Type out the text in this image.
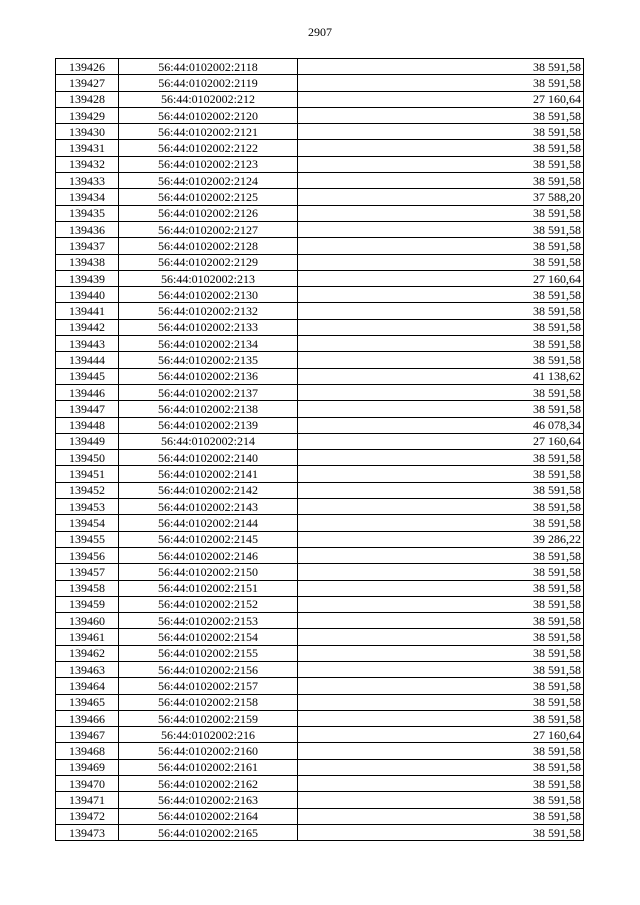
2907
139426	56:44:0102002:2118	38 591,58
139427	56:44:0102002:2119	38 591,58
139428	56:44:0102002:212	27 160,64
139429	56:44:0102002:2120	38 591,58
139430	56:44:0102002:2121	38 591,58
139431	56:44:0102002:2122	38 591,58
139432	56:44:0102002:2123	38 591,58
139433	56:44:0102002:2124	38 591,58
139434	56:44:0102002:2125	37 588,20
139435	56:44:0102002:2126	38 591,58
139436	56:44:0102002:2127	38 591,58
139437	56:44:0102002:2128	38 591,58
139438	56:44:0102002:2129	38 591,58
139439	56:44:0102002:213	27 160,64
139440	56:44:0102002:2130	38 591,58
139441	56:44:0102002:2132	38 591,58
139442	56:44:0102002:2133	38 591,58
139443	56:44:0102002:2134	38 591,58
139444	56:44:0102002:2135	38 591,58
139445	56:44:0102002:2136	41 138,62
139446	56:44:0102002:2137	38 591,58
139447	56:44:0102002:2138	38 591,58
139448	56:44:0102002:2139	46 078,34
139449	56:44:0102002:214	27 160,64
139450	56:44:0102002:2140	38 591,58
139451	56:44:0102002:2141	38 591,58
139452	56:44:0102002:2142	38 591,58
139453	56:44:0102002:2143	38 591,58
139454	56:44:0102002:2144	38 591,58
139455	56:44:0102002:2145	39 286,22
139456	56:44:0102002:2146	38 591,58
139457	56:44:0102002:2150	38 591,58
139458	56:44:0102002:2151	38 591,58
139459	56:44:0102002:2152	38 591,58
139460	56:44:0102002:2153	38 591,58
139461	56:44:0102002:2154	38 591,58
139462	56:44:0102002:2155	38 591,58
139463	56:44:0102002:2156	38 591,58
139464	56:44:0102002:2157	38 591,58
139465	56:44:0102002:2158	38 591,58
139466	56:44:0102002:2159	38 591,58
139467	56:44:0102002:216	27 160,64
139468	56:44:0102002:2160	38 591,58
139469	56:44:0102002:2161	38 591,58
139470	56:44:0102002:2162	38 591,58
139471	56:44:0102002:2163	38 591,58
139472	56:44:0102002:2164	38 591,58
139473	56:44:0102002:2165	38 591,58
